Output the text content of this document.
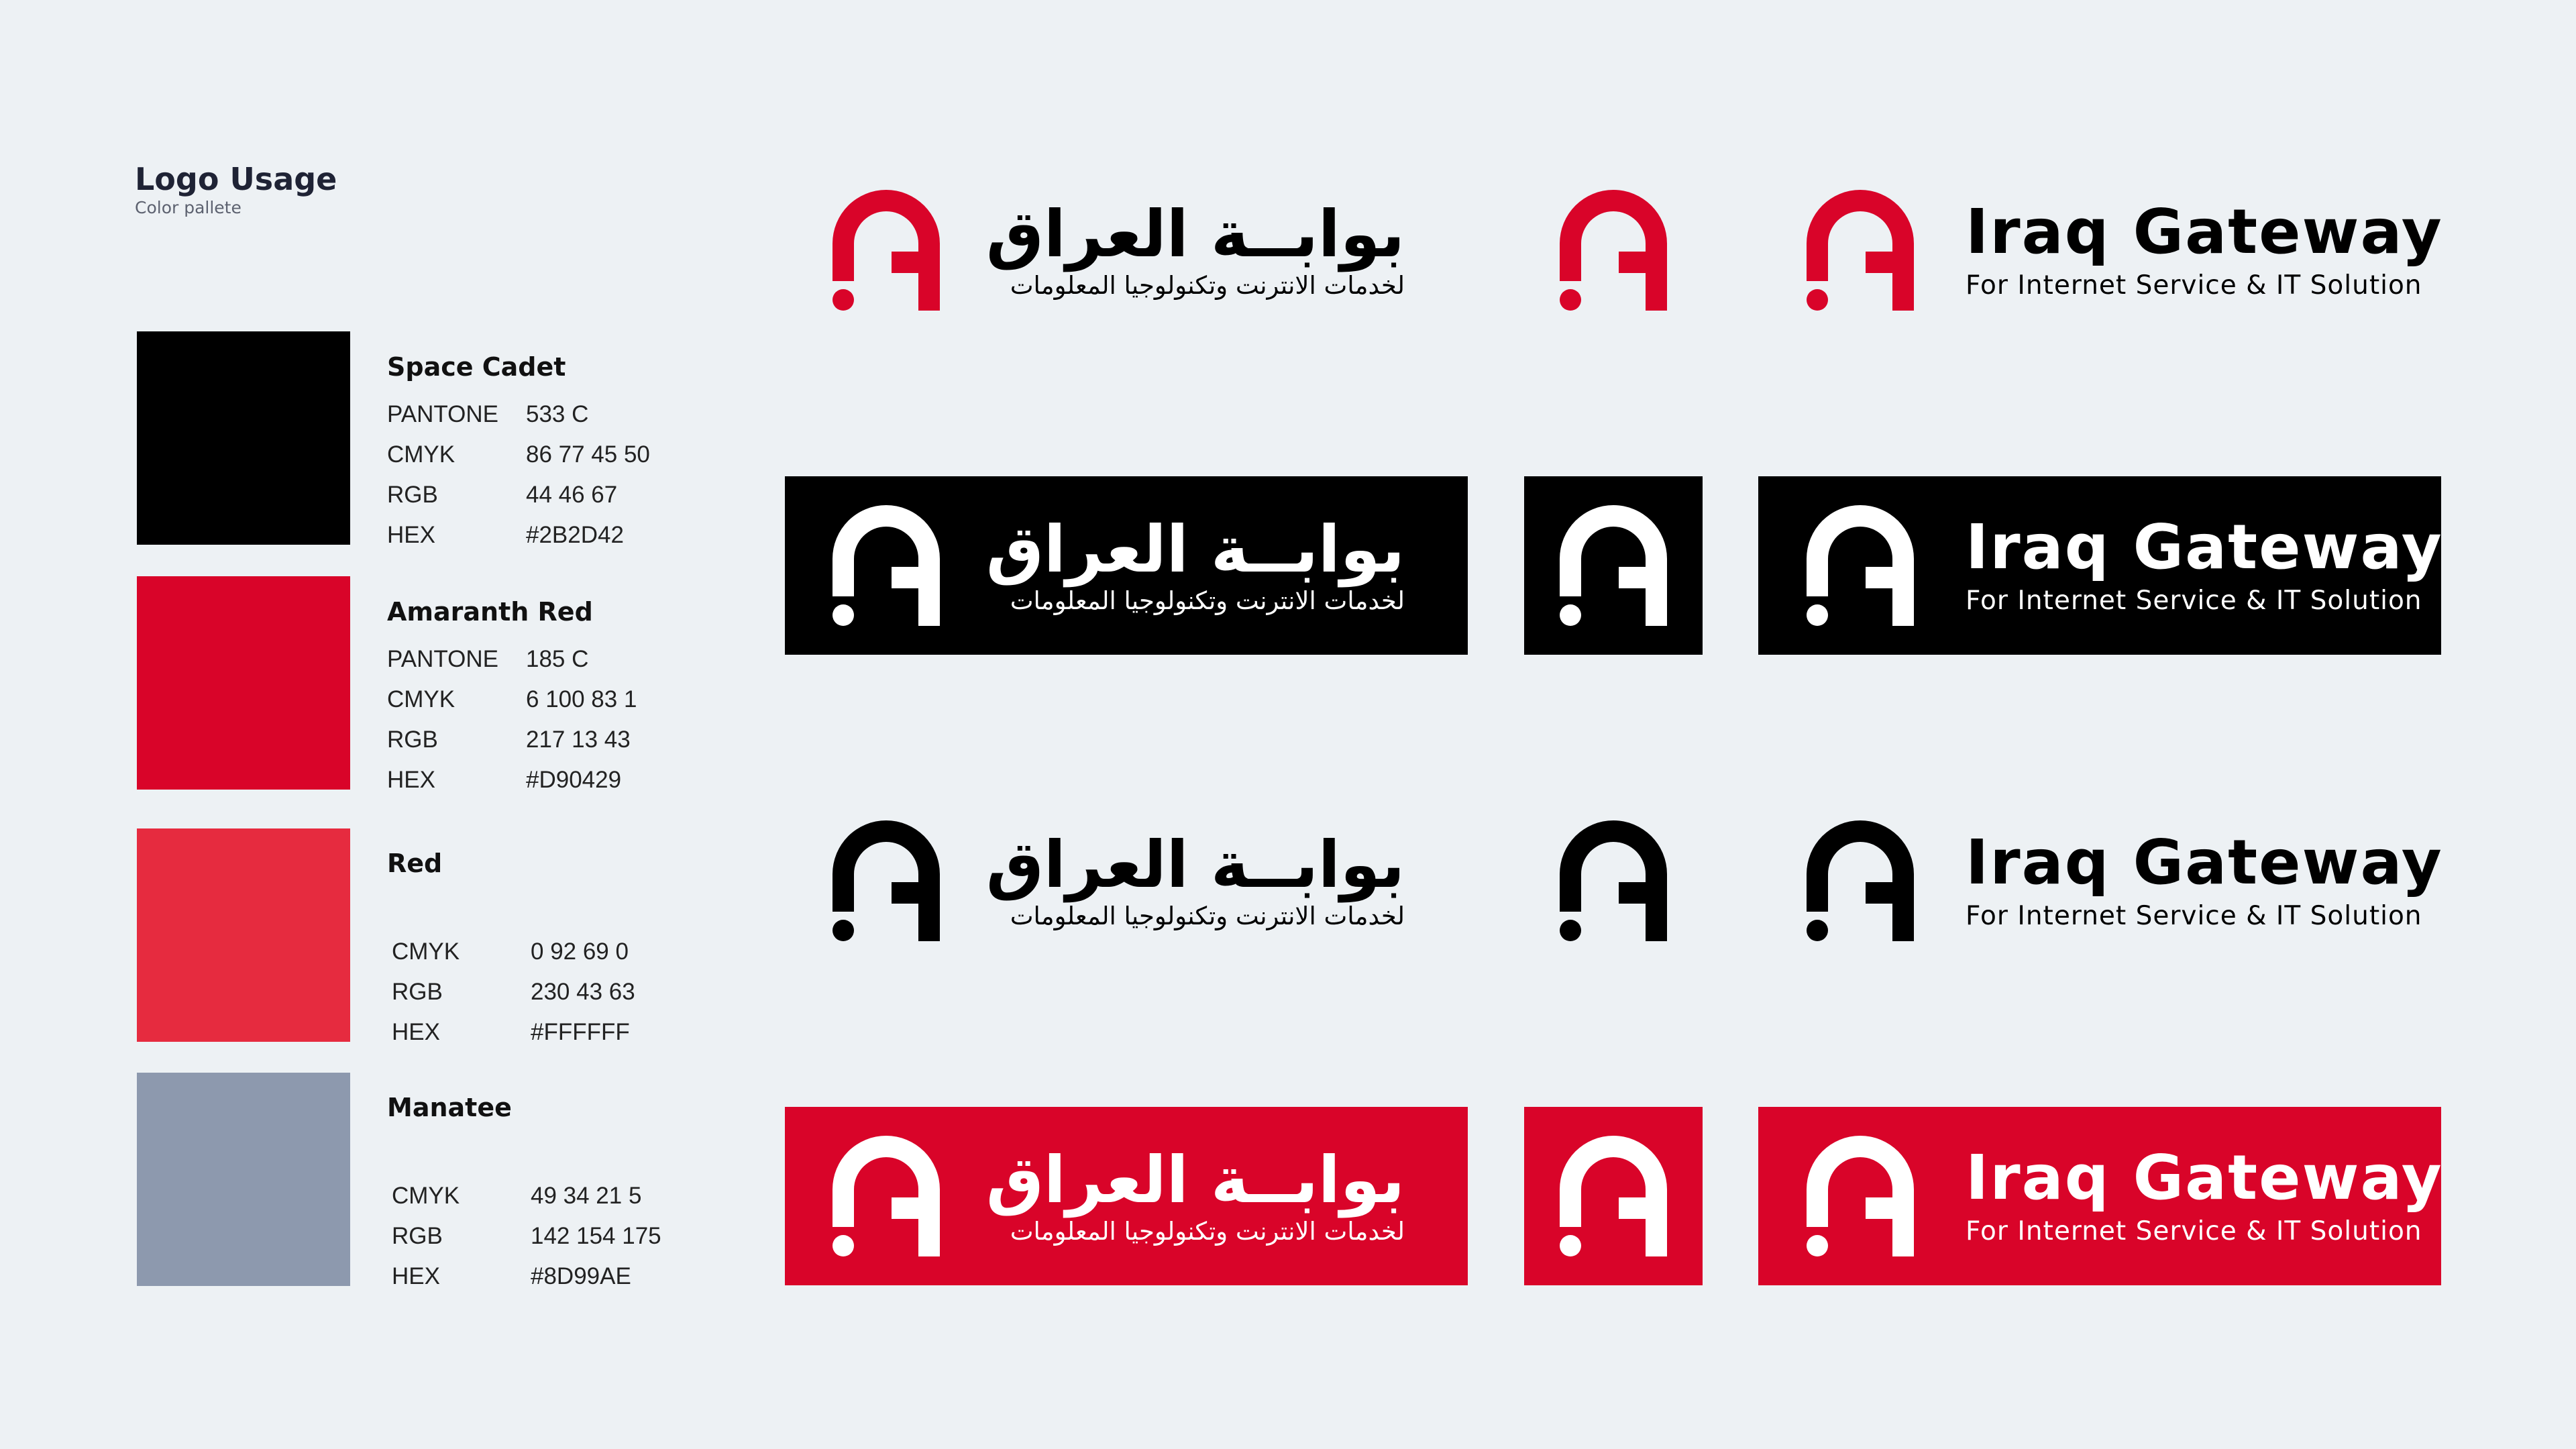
Logo Usage
Color pallete
Space Cadet
PANTONE 533 C
CMYK	86 77 45 50
RGB	44 46 67
HEX	#2B2D42
Amaranth Red
PANTONE 185 C
CMYK	6 100 83 1
RGB	217 13 43
HEX	#D90429
Red
CMYK	0 92 69 0
RGB	230 43 63
HEX	#FFFFFF
Manatee
CMYK	49 34 21 5
RGB	142 154 175
HEX	#8D99AE
بوابــة العراق
لخدمات الانترنت وتكنولوجيا المعلومات
Iraq Gateway
For Internet Service & IT Solution
بوابــة العراق
لخدمات الانترنت وتكنولوجيا المعلومات
Iraq Gateway
For Internet Service & IT Solution
بوابــة العراق
لخدمات الانترنت وتكنولوجيا المعلومات
Iraq Gateway
For Internet Service & IT Solution
بوابــة العراق
لخدمات الانترنت وتكنولوجيا المعلومات
Iraq Gateway
For Internet Service & IT Solution
